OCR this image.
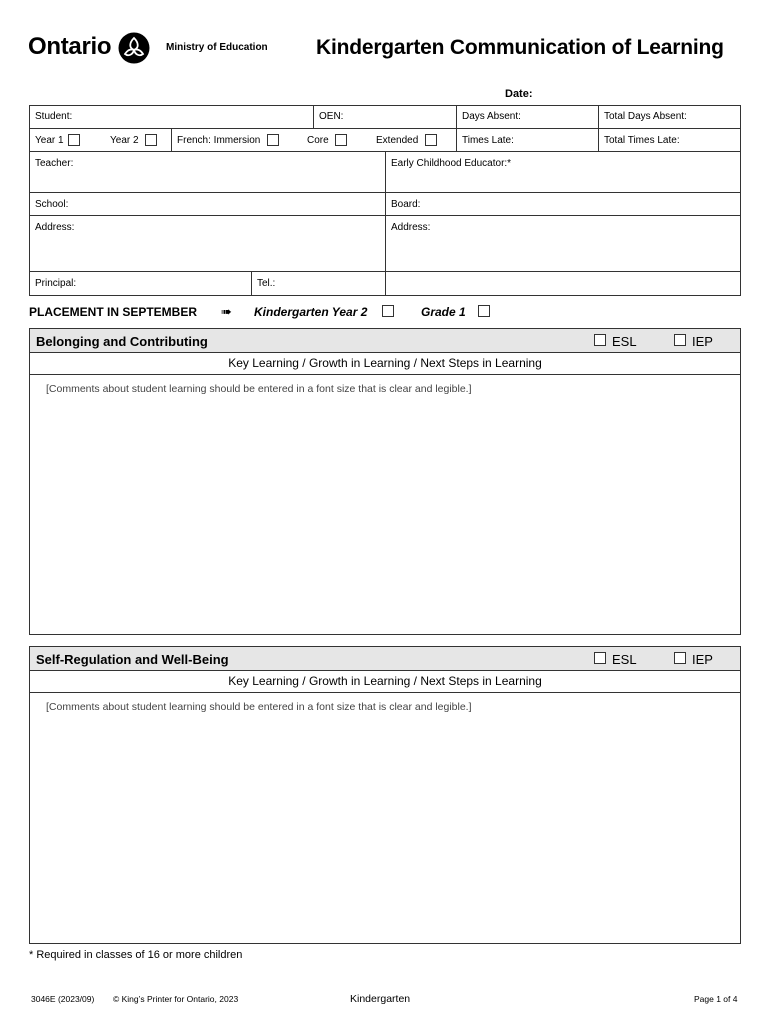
Ontario	Ministry of Education Kindergarten Communication of Learning
Date:
Student:	OEN:	Days Absent:	Total Days Absent:
Year 1	Year 2	French: Immersion	Core	Extended	Times Late:	Total Times Late:
Teacher:	Early Childhood Educator:*
School:	Board:
Address:	Address:
Principal:	Tel.:
PLACEMENT IN SEPTEMBER ➠ Kindergarten Year 2	Grade 1
Belonging and Contributing	ESL	IEP
Key Learning / Growth in Learning / Next Steps in Learning
[Comments about student learning should be entered in a font size that is clear and legible.]
Self-Regulation and Well-Being	ESL	IEP
Key Learning / Growth in Learning / Next Steps in Learning
[Comments about student learning should be entered in a font size that is clear and legible.]
* Required in classes of 16 or more children
3046E (2023/09) © King’s Printer for Ontario, 2023	Kindergarten	Page 1 of 4
